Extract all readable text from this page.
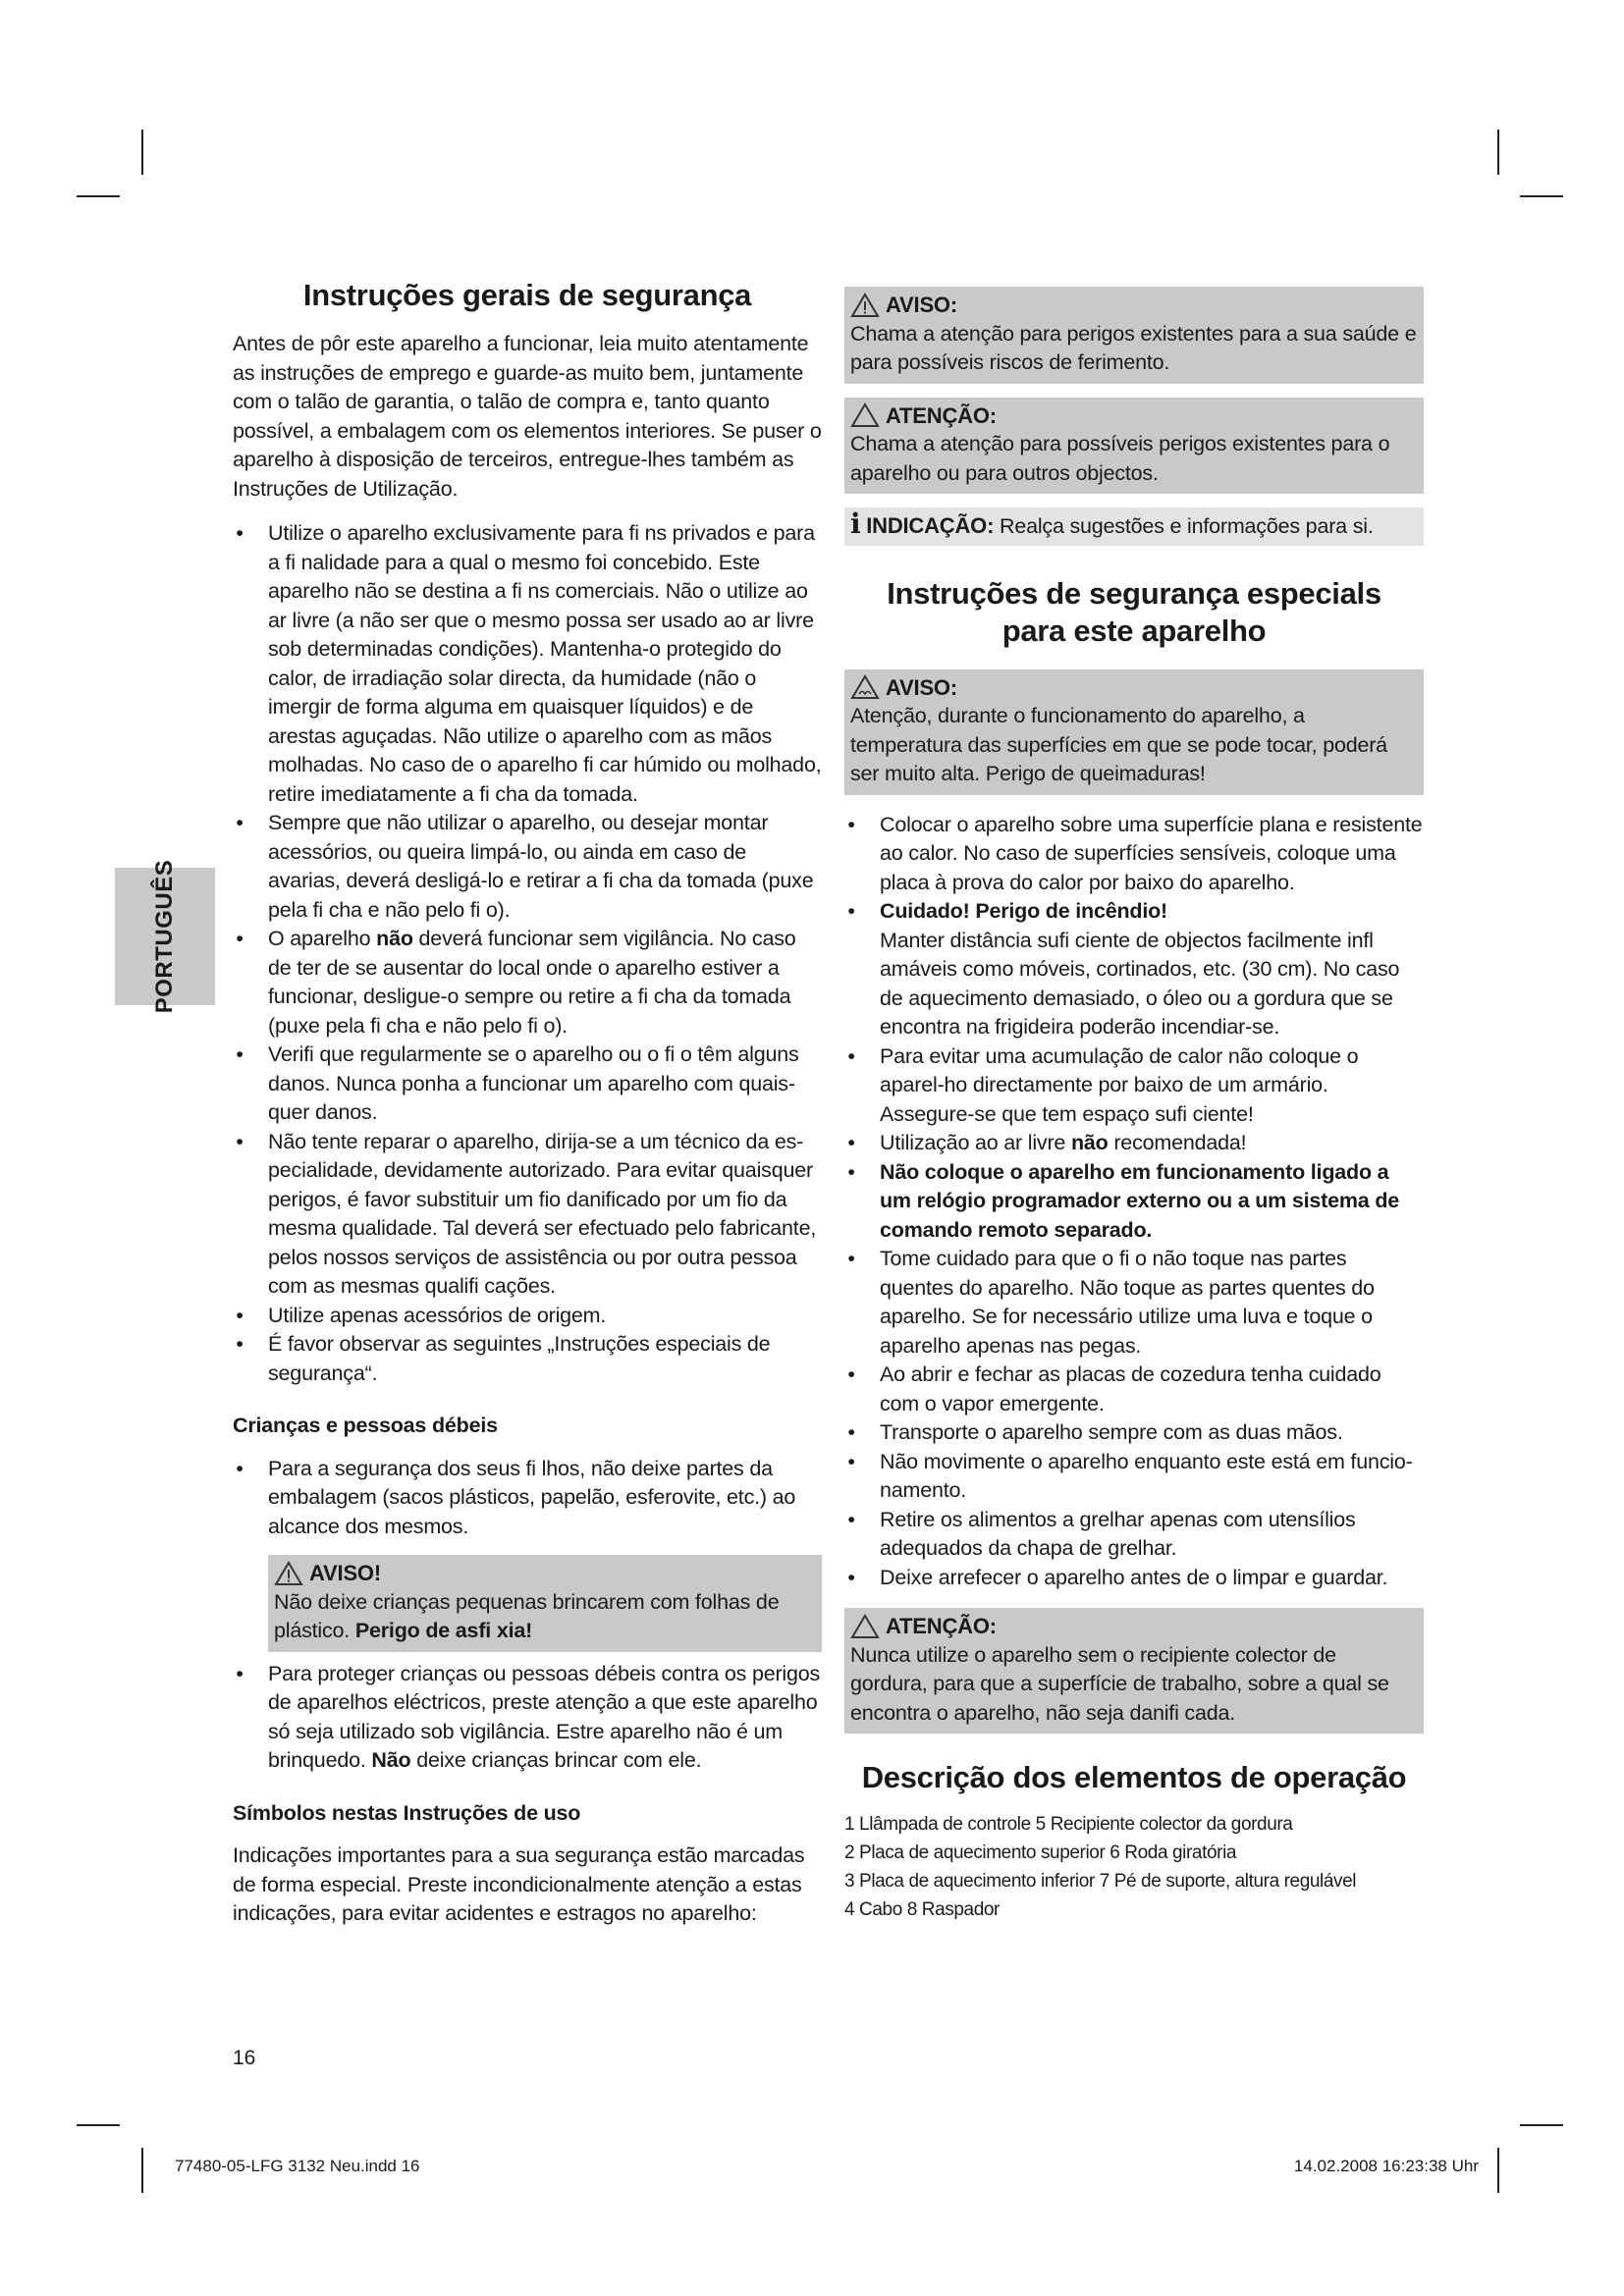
PORTUGUÊS
Instruções gerais de segurança

Antes de pôr este aparelho a funcionar, leia muito atentamente as instruções de emprego e guarde-as muito bem, juntamente com o talão de garantia, o talão de compra e, tanto quanto possível, a embalagem com os elementos interiores. Se puser o aparelho à disposição de terceiros, entregue-lhes também as Instruções de Utilização.

• Utilize o aparelho exclusivamente para fi ns privados e para a fi nalidade para a qual o mesmo foi concebido. Este aparelho não se destina a fi ns comerciais. Não o utilize ao ar livre (a não ser que o mesmo possa ser usado ao ar livre sob determinadas condições). Mantenha-o protegido do calor, de irradiação solar directa, da humidade (não o imergir de forma alguma em quaisquer líquidos) e de arestas aguçadas. Não utilize o aparelho com as mãos molhadas. No caso de o aparelho fi car húmido ou molhado, retire imediatamente a fi cha da tomada.
• Sempre que não utilizar o aparelho, ou desejar montar acessórios, ou queira limpá-lo, ou ainda em caso de avarias, deverá desligá-lo e retirar a fi cha da tomada (puxe pela fi cha e não pelo fi o).
• O aparelho não deverá funcionar sem vigilância. No caso de ter de se ausentar do local onde o aparelho estiver a funcionar, desligue-o sempre ou retire a fi cha da tomada (puxe pela fi cha e não pelo fi o).
• Verifi que regularmente se o aparelho ou o fi o têm alguns danos. Nunca ponha a funcionar um aparelho com quais-quer danos.
• Não tente reparar o aparelho, dirija-se a um técnico da es-pecialidade, devidamente autorizado. Para evitar quaisquer perigos, é favor substituir um fio danificado por um fio da mesma qualidade. Tal deverá ser efectuado pelo fabricante, pelos nossos serviços de assistência ou por outra pessoa com as mesmas qualifi cações.
• Utilize apenas acessórios de origem.
• É favor observar as seguintes „Instruções especiais de segurança“.
Crianças e pessoas débeis
• Para a segurança dos seus fi lhos, não deixe partes da embalagem (sacos plásticos, papelão, esferovite, etc.) ao alcance dos mesmos.
AVISO!

Não deixe crianças pequenas brincarem com folhas de plástico. Perigo de asfi xia!

• Para proteger crianças ou pessoas débeis contra os perigos de aparelhos eléctricos, preste atenção a que este aparelho só seja utilizado sob vigilância. Estre aparelho não é um brinquedo. Não deixe crianças brincar com ele.
Símbolos nestas Instruções de uso

Indicações importantes para a sua segurança estão marcadas de forma especial. Preste incondicionalmente atenção a estas indicações, para evitar acidentes e estragos no aparelho:

AVISO:

Chama a atenção para perigos existentes para a sua saúde e para possíveis riscos de ferimento.

ATENÇÃO:

Chama a atenção para possíveis perigos existentes para o aparelho ou para outros objectos.

i INDICAÇÃO: Realça sugestões e informações para si.
Instruções de segurança especials
para este aparelho
AVISO:

Atenção, durante o funcionamento do aparelho, a temperatura das superfícies em que se pode tocar, poderá ser muito alta. Perigo de queimaduras!

• Colocar o aparelho sobre uma superfície plana e resistente ao calor. No caso de superfícies sensíveis, coloque uma placa à prova do calor por baixo do aparelho.
• Cuidado! Perigo de incêndio!
Manter distância sufi ciente de objectos facilmente infl amáveis como móveis, cortinados, etc. (30 cm). No caso de aquecimento demasiado, o óleo ou a gordura que se encontra na frigideira poderão incendiar-se.
• Para evitar uma acumulação de calor não coloque o aparel-ho directamente por baixo de um armário. Assegure-se que tem espaço sufi ciente!
• Utilização ao ar livre não recomendada!
• Não coloque o aparelho em funcionamento ligado a um relógio programador externo ou a um sistema de comando remoto separado.
• Tome cuidado para que o fi o não toque nas partes quentes do aparelho. Não toque as partes quentes do aparelho. Se for necessário utilize uma luva e toque o aparelho apenas nas pegas.
• Ao abrir e fechar as placas de cozedura tenha cuidado com o vapor emergente.
• Transporte o aparelho sempre com as duas mãos.
• Não movimente o aparelho enquanto este está em funcio-namento.
• Retire os alimentos a grelhar apenas com utensílios adequados da chapa de grelhar.
• Deixe arrefecer o aparelho antes de o limpar e guardar.
ATENÇÃO:

Nunca utilize o aparelho sem o recipiente colector de gordura, para que a superfície de trabalho, sobre a qual se encontra o aparelho, não seja danifi cada.

Descrição dos elementos de operação

1 Llâmpada de controle 5 Recipiente colector da gordura

2 Placa de aquecimento superior 6 Roda giratória

3 Placa de aquecimento inferior 7 Pé de suporte, altura regulável

4 Cabo 8 Raspador

16
77480-05-LFG 3132 Neu.indd 16	14.02.2008 16:23:38 Uhr
